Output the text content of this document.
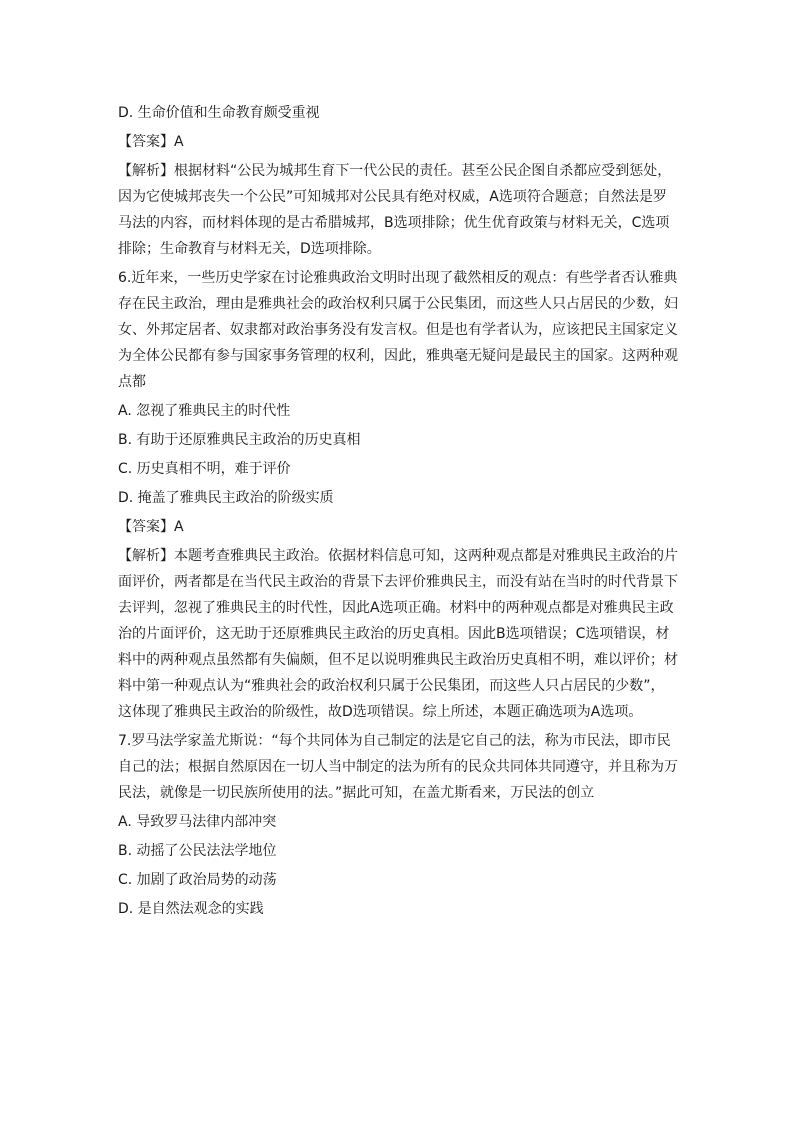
D. 生命价值和生命教育颇受重视
【答案】A
【解析】根据材料“公民为城邦生育下一代公民的责任。甚至公民企图自杀都应受到惩处，
因为它使城邦丧失一个公民”可知城邦对公民具有绝对权威，A选项符合题意；自然法是罗
马法的内容，而材料体现的是古希腊城邦，B选项排除；优生优育政策与材料无关，C选项
排除；生命教育与材料无关，D选项排除。
6.近年来，一些历史学家在讨论雅典政治文明时出现了截然相反的观点：有些学者否认雅典
存在民主政治，理由是雅典社会的政治权利只属于公民集团，而这些人只占居民的少数，妇
女、外邦定居者、奴隶都对政治事务没有发言权。但是也有学者认为，应该把民主国家定义
为全体公民都有参与国家事务管理的权利，因此，雅典毫无疑问是最民主的国家。这两种观
点都
A. 忽视了雅典民主的时代性
B. 有助于还原雅典民主政治的历史真相
C. 历史真相不明，难于评价
D. 掩盖了雅典民主政治的阶级实质
【答案】A
【解析】本题考查雅典民主政治。依据材料信息可知，这两种观点都是对雅典民主政治的片
面评价，两者都是在当代民主政治的背景下去评价雅典民主，而没有站在当时的时代背景下
去评判，忽视了雅典民主的时代性，因此A选项正确。材料中的两种观点都是对雅典民主政
治的片面评价，这无助于还原雅典民主政治的历史真相。因此B选项错误；C选项错误，材
料中的两种观点虽然都有失偏颇，但不足以说明雅典民主政治历史真相不明，难以评价；材
料中第一种观点认为“雅典社会的政治权利只属于公民集团，而这些人只占居民的少数”，
这体现了雅典民主政治的阶级性，故D选项错误。综上所述，本题正确选项为A选项。
7.罗马法学家盖尤斯说：“每个共同体为自己制定的法是它自己的法，称为市民法，即市民
自己的法；根据自然原因在一切人当中制定的法为所有的民众共同体共同遵守，并且称为万
民法，就像是一切民族所使用的法。”据此可知，在盖尤斯看来，万民法的创立
A. 导致罗马法律内部冲突
B. 动摇了公民法法学地位
C. 加剧了政治局势的动荡
D. 是自然法观念的实践
